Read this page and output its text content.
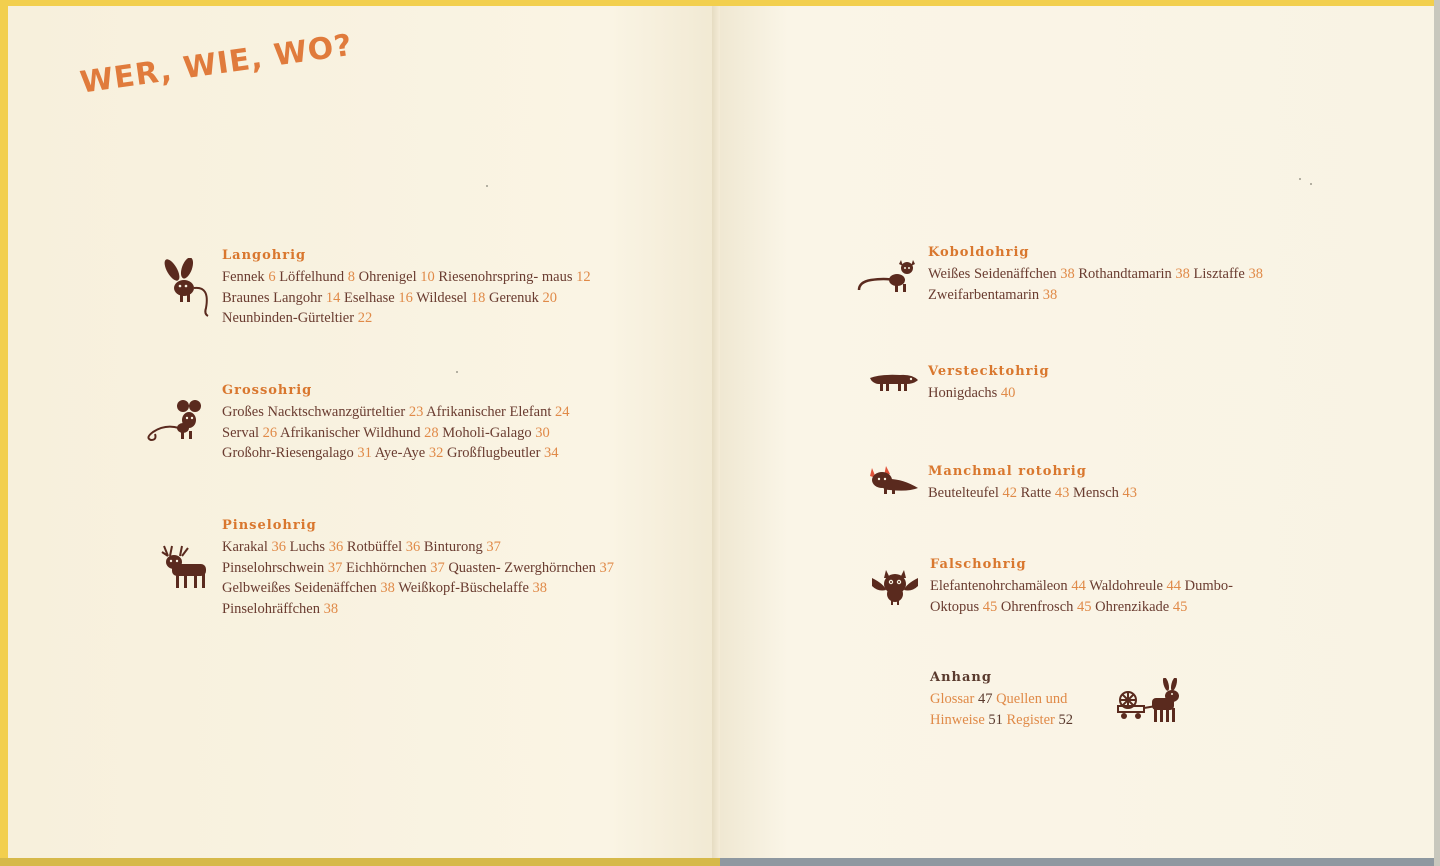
WER, WIE, WO?
Langohrig
Fennek 6 Löffelhund 8 Ohrenigel 10 Riesenohrspring- maus 12 Braunes Langohr 14 Eselhase 16 Wildesel 18 Gerenuk 20 Neunbinden-Gürteltier 22
Grossohrig
Großes Nacktschwanzgürteltier 23 Afrikanischer Elefant 24 Serval 26 Afrikanischer Wildhund 28 Moholi-Galago 30 Großohr-Riesengalago 31 Aye-Aye 32 Großflugbeutler 34
Pinselohrig
Karakal 36 Luchs 36 Rotbüffel 36 Binturong 37 Pinselohrschwein 37 Eichhörnchen 37 Quasten- Zwerghörnchen 37 Gelbweißes Seidenäffchen 38 Weißkopf-Büschelaffe 38 Pinselohräffchen 38
Koboldohrig
Weißes Seidenäffchen 38 Rothandtamarin 38 Lisztaffe 38 Zweifarbentamarin 38
Verstecktohrig
Honigdachs 40
Manchmal rotohrig
Beutelteufel 42 Ratte 43 Mensch 43
Falschohrig
Elefantenohrchamäleon 44 Waldohreule 44 Dumbo- Oktopus 45 Ohrenfrosch 45 Ohrenzikade 45
Anhang
Glossar 47 Quellen und Hinweise 51 Register 52
